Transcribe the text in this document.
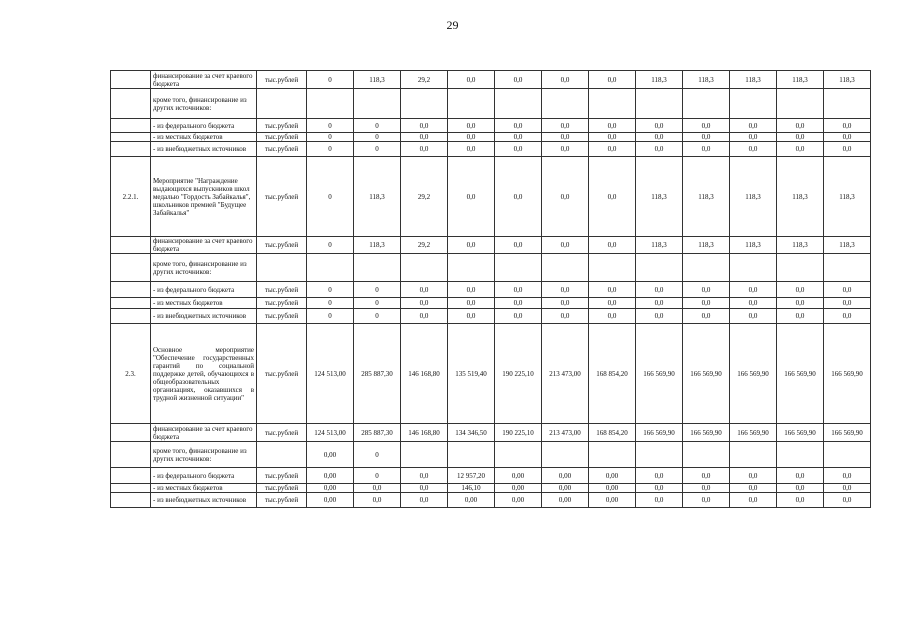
29
	финансирование за счет краевого бюджета	тыс.рублей	0	118,3	29,2	0,0	0,0	0,0	0,0	118,3	118,3	118,3	118,3	118,3
	кроме того, финансирование из других источников:													
	- из федерального бюджета	тыс.рублей	0	0	0,0	0,0	0,0	0,0	0,0	0,0	0,0	0,0	0,0	0,0
	- из местных бюджетов	тыс.рублей	0	0	0,0	0,0	0,0	0,0	0,0	0,0	0,0	0,0	0,0	0,0
	- из внебюджетных источников	тыс.рублей	0	0	0,0	0,0	0,0	0,0	0,0	0,0	0,0	0,0	0,0	0,0
2.2.1.	Мероприятие "Награждение выдающихся выпускников школ медалью "Гордость Забайкалья", школьников премией "Будущее Забайкалья"	тыс.рублей	0	118,3	29,2	0,0	0,0	0,0	0,0	118,3	118,3	118,3	118,3	118,3
	финансирование за счет краевого бюджета	тыс.рублей	0	118,3	29,2	0,0	0,0	0,0	0,0	118,3	118,3	118,3	118,3	118,3
	кроме того, финансирование из других источников:													
	- из федерального бюджета	тыс.рублей	0	0	0,0	0,0	0,0	0,0	0,0	0,0	0,0	0,0	0,0	0,0
	- из местных бюджетов	тыс.рублей	0	0	0,0	0,0	0,0	0,0	0,0	0,0	0,0	0,0	0,0	0,0
	- из внебюджетных источников	тыс.рублей	0	0	0,0	0,0	0,0	0,0	0,0	0,0	0,0	0,0	0,0	0,0
2.3.	Основное мероприятие "Обеспечение государственных гарантий по социальной поддержке детей, обучающихся в общеобразовательных организациях, оказавшихся в трудной жизненной ситуации"	тыс.рублей	124 513,00	285 887,30	146 168,80	135 519,40	190 225,10	213 473,00	168 854,20	166 569,90	166 569,90	166 569,90	166 569,90	166 569,90
	финансирование за счет краевого бюджета	тыс.рублей	124 513,00	285 887,30	146 168,80	134 346,50	190 225,10	213 473,00	168 854,20	166 569,90	166 569,90	166 569,90	166 569,90	166 569,90
	кроме того, финансирование из других источников:		0,00	0										
	- из федерального бюджета	тыс.рублей	0,00	0	0,0	12 957,20	0,00	0,00	0,00	0,0	0,0	0,0	0,0	0,0
	- из местных бюджетов	тыс.рублей	0,00	0,0	0,0	146,10	0,00	0,00	0,00	0,0	0,0	0,0	0,0	0,0
	- из внебюджетных источников	тыс.рублей	0,00	0,0	0,0	0,00	0,00	0,00	0,00	0,0	0,0	0,0	0,0	0,0
